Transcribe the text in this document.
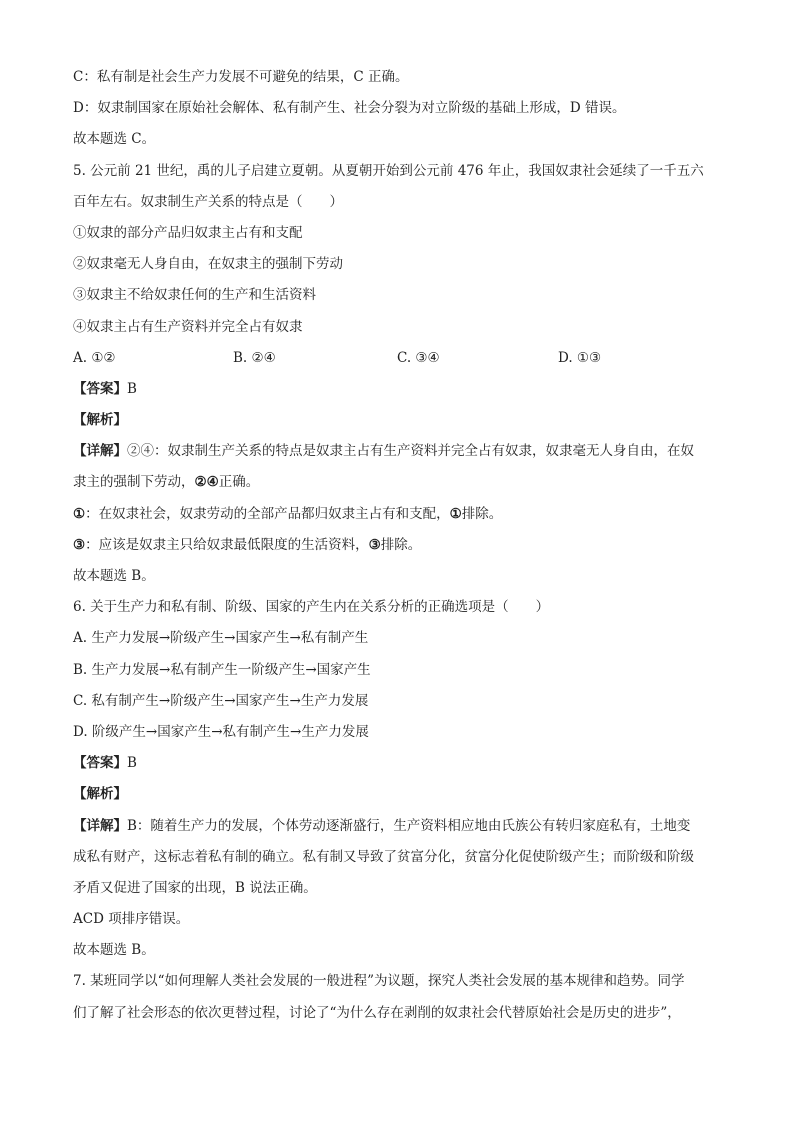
C：私有制是社会生产力发展不可避免的结果，C 正确。
D：奴隶制国家在原始社会解体、私有制产生、社会分裂为对立阶级的基础上形成，D 错误。
故本题选 C。
5. 公元前 21 世纪，禹的儿子启建立夏朝。从夏朝开始到公元前 476 年止，我国奴隶社会延续了一千五六
百年左右。奴隶制生产关系的特点是（　　）
①奴隶的部分产品归奴隶主占有和支配
②奴隶毫无人身自由，在奴隶主的强制下劳动
③奴隶主不给奴隶任何的生产和生活资料
④奴隶主占有生产资料并完全占有奴隶
A. ①②	B. ②④	C. ③④	D. ①③
【答案】B
【解析】
【详解】②④：奴隶制生产关系的特点是奴隶主占有生产资料并完全占有奴隶，奴隶毫无人身自由，在奴
隶主的强制下劳动，②④正确。
①：在奴隶社会，奴隶劳动的全部产品都归奴隶主占有和支配，①排除。
③：应该是奴隶主只给奴隶最低限度的生活资料，③排除。
故本题选 B。
6. 关于生产力和私有制、阶级、国家的产生内在关系分析的正确选项是（　　）
A. 生产力发展→阶级产生→国家产生→私有制产生
B. 生产力发展→私有制产生一阶级产生→国家产生
C. 私有制产生→阶级产生→国家产生→生产力发展
D. 阶级产生→国家产生→私有制产生→生产力发展
【答案】B
【解析】
【详解】B：随着生产力的发展，个体劳动逐渐盛行，生产资料相应地由氏族公有转归家庭私有，土地变
成私有财产，这标志着私有制的确立。私有制又导致了贫富分化，贫富分化促使阶级产生；而阶级和阶级
矛盾又促进了国家的出现，B 说法正确。
ACD 项排序错误。
故本题选 B。
7. 某班同学以“如何理解人类社会发展的一般进程”为议题，探究人类社会发展的基本规律和趋势。同学
们了解了社会形态的依次更替过程，讨论了“为什么存在剥削的奴隶社会代替原始社会是历史的进步”，
